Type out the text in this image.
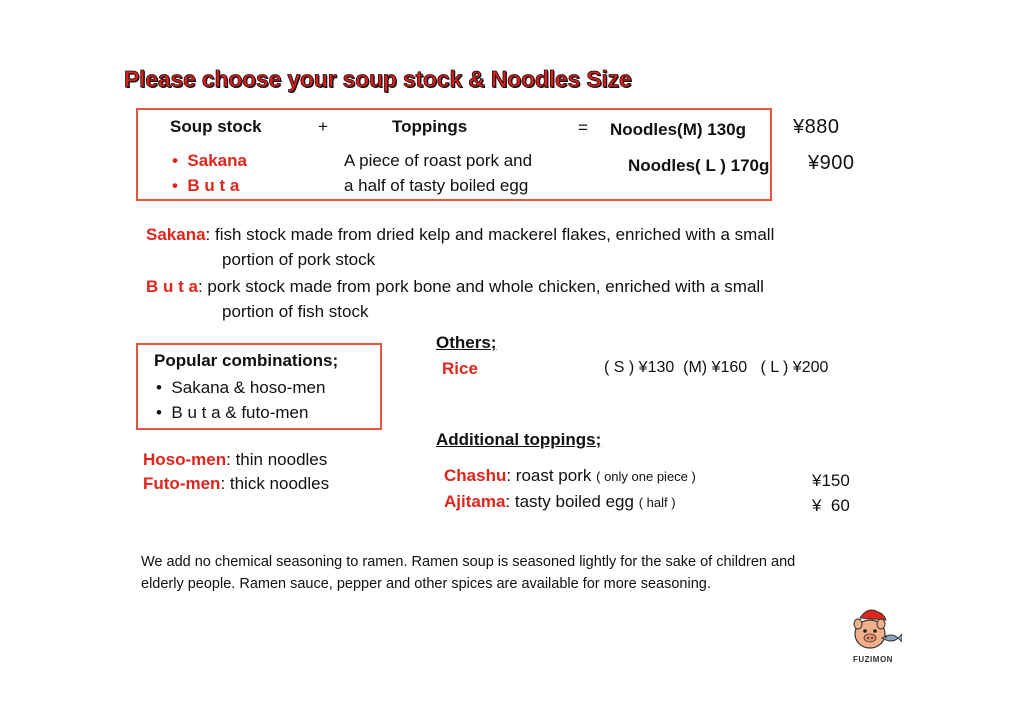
Please choose your soup stock & Noodles Size
Soup stock	+	Toppings	= Noodles(M) 130g ¥880
•  Sakana
•  B u t a
A piece of roast pork and
a half of tasty boiled egg
Noodles( L ) 170g ¥900
Sakana: fish stock made from dried kelp and mackerel flakes, enriched with a small
portion of pork stock
B u t a: pork stock made from pork bone and whole chicken, enriched with a small
portion of fish stock
Popular combinations;
•  Sakana & hoso-men
•  B u t a & futo-men
Hoso-men: thin noodles
Futo-men: thick noodles
Others;
Rice	( S ) ¥130  (M) ¥160   ( L ) ¥200
Additional toppings;
Chashu: roast pork ( only one piece )	¥150
Ajitama: tasty boiled egg ( half )	¥  60
We add no chemical seasoning to ramen. Ramen soup is seasoned lightly for the sake of children and
elderly people. Ramen sauce, pepper and other spices are available for more seasoning.
FUZIMON
